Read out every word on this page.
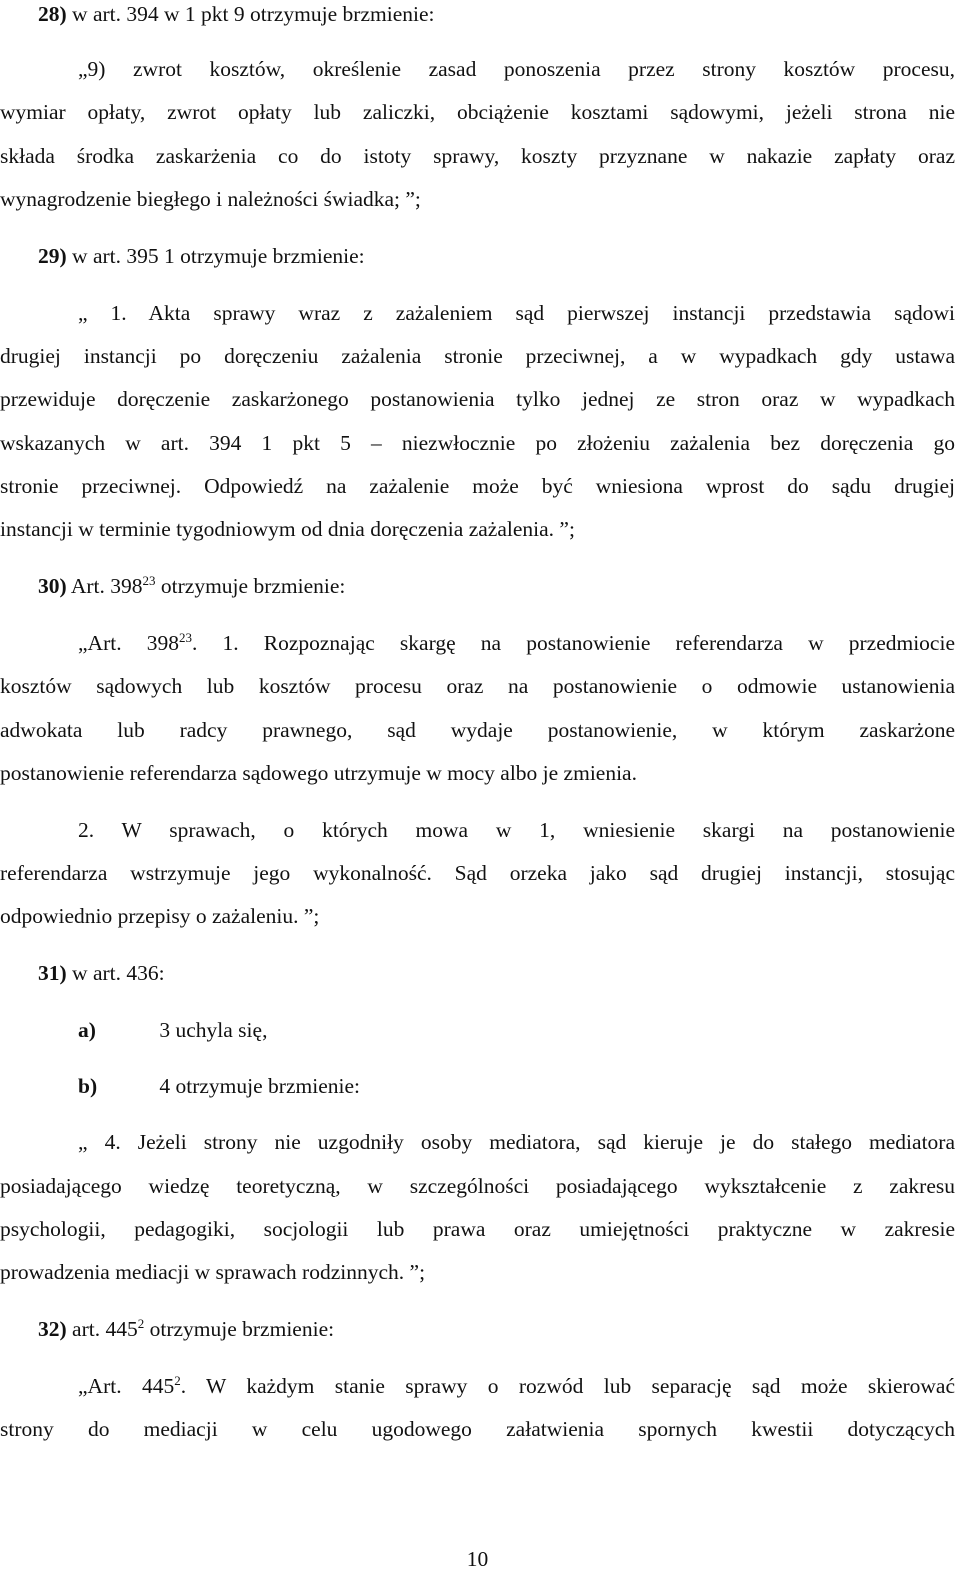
28) w art. 394 w 1 pkt 9 otrzymuje brzmienie:
„9) zwrot kosztów, określenie zasad ponoszenia przez strony kosztów procesu,
wymiar opłaty, zwrot opłaty lub zaliczki, obciążenie kosztami sądowymi, jeżeli strona nie
składa środka zaskarżenia co do istoty sprawy, koszty przyznane w nakazie zapłaty oraz
wynagrodzenie biegłego i należności świadka; ”;
29) w art. 395 1 otrzymuje brzmienie:
„ 1. Akta sprawy wraz z zażaleniem sąd pierwszej instancji przedstawia sądowi
drugiej instancji po doręczeniu zażalenia stronie przeciwnej, a w wypadkach gdy ustawa
przewiduje doręczenie zaskarżonego postanowienia tylko jednej ze stron oraz w wypadkach
wskazanych w art. 394 1 pkt 5 – niezwłocznie po złożeniu zażalenia bez doręczenia go
stronie przeciwnej. Odpowiedź na zażalenie może być wniesiona wprost do sądu drugiej
instancji w terminie tygodniowym od dnia doręczenia zażalenia. ”;
30) Art. $398^{23}$ otrzymuje brzmienie:
„Art. $398^{23}$. 1. Rozpoznając skargę na postanowienie referendarza w przedmiocie
kosztów sądowych lub kosztów procesu oraz na postanowienie o odmowie ustanowienia
adwokata lub radcy prawnego, sąd wydaje postanowienie, w którym zaskarżone
postanowienie referendarza sądowego utrzymuje w mocy albo je zmienia.
2. W sprawach, o których mowa w 1, wniesienie skargi na postanowienie
referendarza wstrzymuje jego wykonalność. Sąd orzeka jako sąd drugiej instancji, stosując
odpowiednio przepisy o zażaleniu. ”;
31) w art. 436:
a)	3 uchyla się,
b)	4 otrzymuje brzmienie:
„ 4. Jeżeli strony nie uzgodniły osoby mediatora, sąd kieruje je do stałego mediatora
posiadającego wiedzę teoretyczną, w szczególności posiadającego wykształcenie z zakresu
psychologii, pedagogiki, socjologii lub prawa oraz umiejętności praktyczne w zakresie
prowadzenia mediacji w sprawach rodzinnych. ”;
32) art. $445^2$ otrzymuje brzmienie:
„Art. $445^2$. W każdym stanie sprawy o rozwód lub separację sąd może skierować
strony do mediacji w celu ugodowego załatwienia spornych kwestii dotyczących
10
